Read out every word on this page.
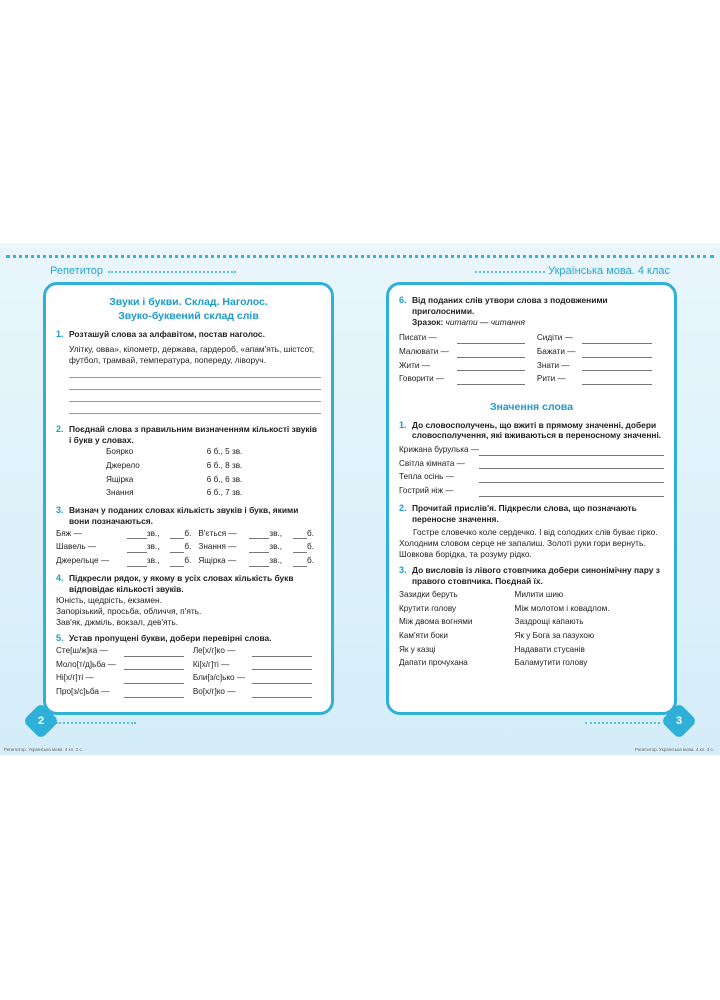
Репетитор	Українська мова. 4 клас
Звуки і букви. Склад. Наголос.
Звуко-буквений склад слів
1. Розташуй слова за алфавітом, постав наголос.
Улітку, овва», кілометр, держава, гардероб, «апам'ять, шістсот, футбол, трамвай, температура, попереду, ліворуч.
2. Поєднай слова з правильним визначенням кількості звуків і букв у словах.
Боярко	6 б., 5 зв.
Джерело	6 б., 8 зв.
Ящірка	6 б., 6 зв.
Знання	6 б., 7 зв.
3. Визнач у поданих словах кількість звуків і букв, якими вони позначаються.
Бяж —	зв.,	б.	В'ється —	зв.,	б.
Шавель —	зв.,	б.	Знання —	зв.,	б.
Джерельце —	зв.,	б.	Ящірка —	зв.,	б.
4. Підкресли рядок, у якому в усіх словах кількість букв відповідає кількості звуків.
Юність, щедрість, екзамен.
Запорізький, просьба, обличчя, п'ять.
Зав'як, джміль, вокзал, дев'ять.
5. Устав пропущені букви, добери перевірні слова.
Сте[ш/ж]ка —		Ле[х/г]ко —	
Моло[т/д]ьба —		Кі[х/г]ті —	
Ні[х/г]ті —		Бли[з/с]ько —	
Про[з/с]ьба —		Во[х/г]ко —	
6. Від поданих слів утвори слова з подовженими приголосними.
Зразок: читати — читання
Писати —		Сидіти —	
Малювати —		Бажати —	
Жити —		Знати —	
Говорити —		Рити —	
Значення слова
1. До словосполучень, що вжиті в прямому значенні, добери словосполучення, які вживаються в переносному значенні.
Крижана бурулька —	
Світла кімната —	
Тепла осінь —	
Гострий ніж —	
2. Прочитай прислів'я. Підкресли слова, що позначають переносне значення.
Гостре словечко коле сердечко. І від солодких слів буває гірко. Холодним словом серце не запалиш. Золоті руки гори вернуть. Шовкова борідка, та розуму рідко.
3. До висловів із лівого стовпчика добери синонімічну пару з правого стовпчика. Поєднай їх.
Зазидки беруть	Милити шию
Крутити голову	Між молотом і ковадлом.
Між двома вогнями	Заздрощі капають
Кам'яти боки	Як у Бога за пазухою
Як у казці	Надавати стусанів
Дапати прочухана	Баламутити голову
2	3
Репетитор. Українська мова. 4 кл. 2 с.	Репетитор. Українська мова. 4 кл. 3 с.
